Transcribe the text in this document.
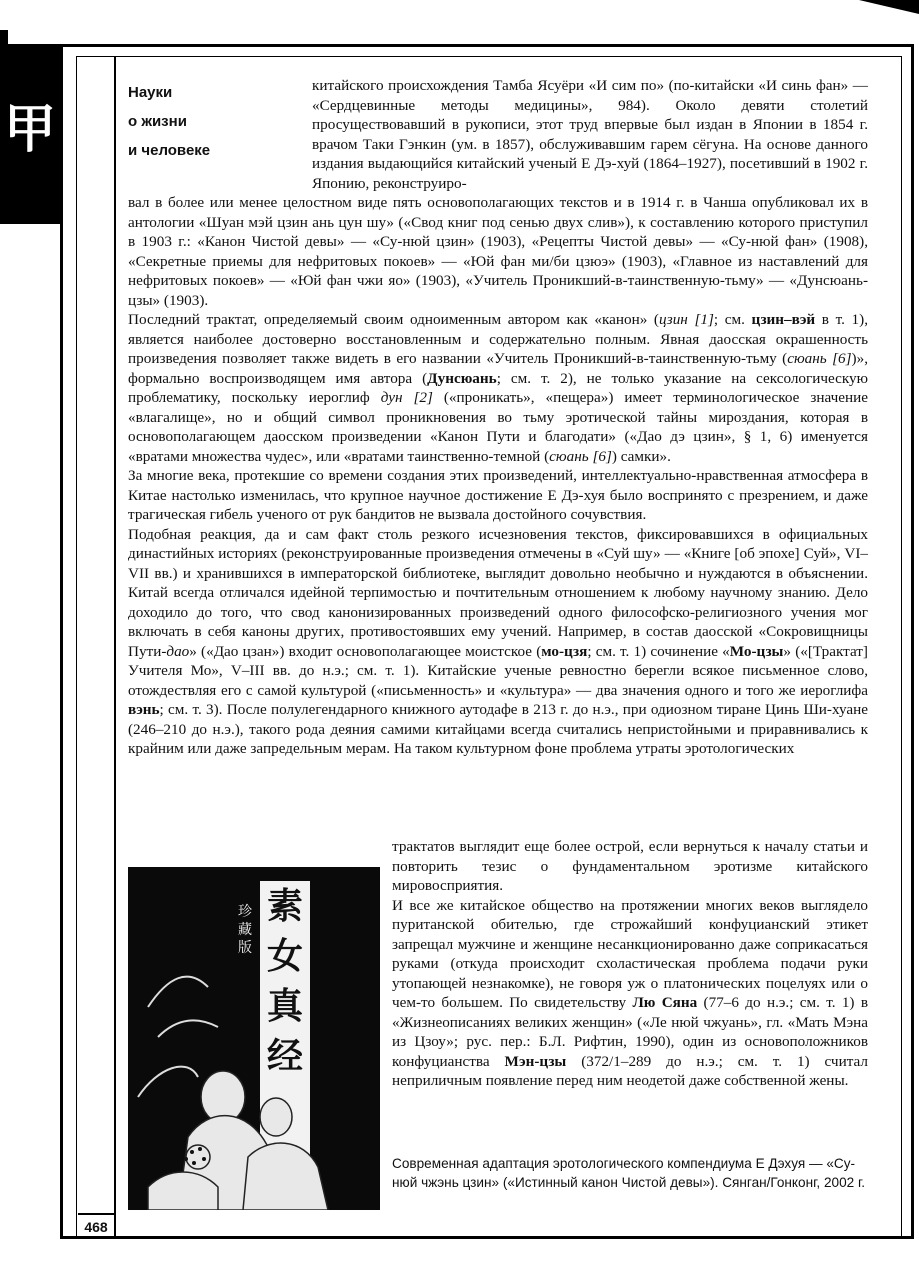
甲
468
Науки
о жизни
и человеке

китайского происхождения Тамба Ясуёри «И сим по» (по-китайски «И синь фан» — «Сердцевинные методы медицины», 984). Около девяти столетий просуществовавший в рукописи, этот труд впервые был издан в Японии в 1854 г. врачом Таки Гэнкин (ум. в 1857), обслуживавшим гарем сёгуна. На основе данного издания выдающийся китайский ученый Е Дэ-хуй (1864–1927), посетивший в 1902 г. Японию, реконструиро-

вал в более или менее целостном виде пять основополагающих текстов и в 1914 г. в Чанша опубликовал их в антологии «Шуан мэй цзин ань цун шу» («Свод книг под сенью двух слив»), к составлению которого приступил в 1903 г.: «Канон Чистой девы» — «Су-нюй цзин» (1903), «Рецепты Чистой девы» — «Су-нюй фан» (1908), «Секретные приемы для нефритовых покоев» — «Юй фан ми/би цзюэ» (1903), «Главное из наставлений для нефритовых покоев» — «Юй фан чжи яо» (1903), «Учитель Проникший-в-таинственную-тьму» — «Дунсюань-цзы» (1903).

Последний трактат, определяемый своим одноименным автором как «канон» (цзин [1]; см. цзин–вэй в т. 1), является наиболее достоверно восстановленным и содержательно полным. Явная даосская окрашенность произведения позволяет также видеть в его названии «Учитель Проникший-в-таинственную-тьму (сюань [6])», формально воспроизводящем имя автора (Дунсюань; см. т. 2), не только указание на сексологическую проблематику, поскольку иероглиф дун [2] («проникать», «пещера») имеет терминологическое значение «влагалище», но и общий символ проникновения во тьму эротической тайны мироздания, которая в основополагающем даосском произведении «Канон Пути и благодати» («Дао дэ цзин», § 1, 6) именуется «вратами множества чудес», или «вратами таинственно-темной (сюань [6]) самки».

За многие века, протекшие со времени создания этих произведений, интеллектуально-нравственная атмосфера в Китае настолько изменилась, что крупное научное достижение Е Дэ-хуя было воспринято с презрением, и даже трагическая гибель ученого от рук бандитов не вызвала достойного сочувствия.

Подобная реакция, да и сам факт столь резкого исчезновения текстов, фиксировавшихся в официальных династийных историях (реконструированные произведения отмечены в «Суй шу» — «Книге [об эпохе] Суй», VI–VII вв.) и хранившихся в императорской библиотеке, выглядит довольно необычно и нуждаются в объяснении. Китай всегда отличался идейной терпимостью и почтительным отношением к любому научному знанию. Дело доходило до того, что свод канонизированных произведений одного философско-религиозного учения мог включать в себя каноны других, противостоявших ему учений. Например, в состав даосской «Сокровищницы Пути-дао» («Дао цзан») входит основополагающее моистское (мо-цзя; см. т. 1) сочинение «Мо-цзы» («[Трактат] Учителя Мо», V–III вв. до н.э.; см. т. 1). Китайские ученые ревностно берегли всякое письменное слово, отождествляя его с самой культурой («письменность» и «культура» — два значения одного и того же иероглифа вэнь; см. т. 3). После полулегендарного книжного аутодафе в 213 г. до н.э., при одиозном тиране Цинь Ши-хуане (246–210 до н.э.), такого рода деяния самими китайцами всегда считались непристойными и приравнивались к крайним или даже запредельным мерам. На таком культурном фоне проблема утраты эротологических

珍
藏
版
素
女
真
经

трактатов выглядит еще более острой, если вернуться к началу статьи и повторить тезис о фундаментальном эротизме китайского мировосприятия.

И все же китайское общество на протяжении многих веков выглядело пуританской обителью, где строжайший конфуцианский этикет запрещал мужчине и женщине несанкционированно даже соприкасаться руками (откуда происходит схоластическая проблема подачи руки утопающей незнакомке), не говоря уж о платонических поцелуях или о чем-то большем. По свидетельству Лю Сяна (77–6 до н.э.; см. т. 1) в «Жизнеописаниях великих женщин» («Ле нюй чжуань», гл. «Мать Мэна из Цзоу»; рус. пер.: Б.Л. Рифтин, 1990), один из основоположников конфуцианства Мэн-цзы (372/1–289 до н.э.; см. т. 1) считал неприличным появление перед ним неодетой даже собственной жены.

Современная адаптация эротологического компендиума Е Дэхуя — «Су-нюй чжэнь цзин» («Истинный канон Чистой девы»). Сянган/Гонконг, 2002 г.
